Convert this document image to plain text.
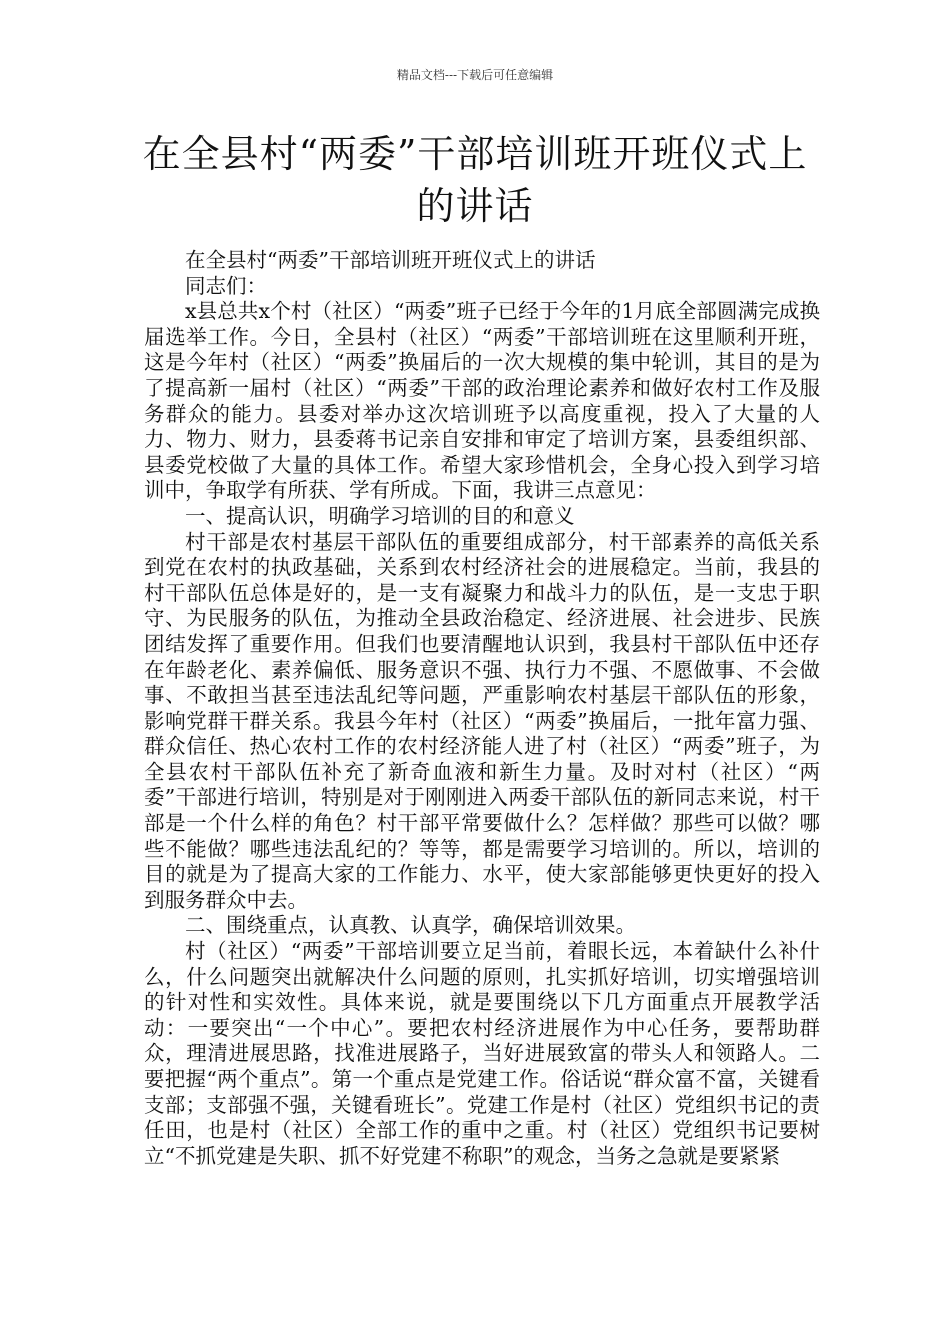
精品文档---下载后可任意编辑
在全县村“两委”干部培训班开班仪式上
的讲话

在全县村“两委”干部培训班开班仪式上的讲话

同志们：

x县总共x个村（社区）“两委”班子已经于今年的1月底全部圆满完成换届选举工作。今日，全县村（社区）“两委”干部培训班在这里顺利开班，这是今年村（社区）“两委”换届后的一次大规模的集中轮训，其目的是为了提高新一届村（社区）“两委”干部的政治理论素养和做好农村工作及服务群众的能力。县委对举办这次培训班予以高度重视，投入了大量的人力、物力、财力，县委蒋书记亲自安排和审定了培训方案，县委组织部、县委党校做了大量的具体工作。希望大家珍惜机会，全身心投入到学习培训中，争取学有所获、学有所成。下面，我讲三点意见：

一、提高认识，明确学习培训的目的和意义

村干部是农村基层干部队伍的重要组成部分，村干部素养的高低关系到党在农村的执政基础，关系到农村经济社会的进展稳定。当前，我县的村干部队伍总体是好的，是一支有凝聚力和战斗力的队伍，是一支忠于职守、为民服务的队伍，为推动全县政治稳定、经济进展、社会进步、民族团结发挥了重要作用。但我们也要清醒地认识到，我县村干部队伍中还存在年龄老化、素养偏低、服务意识不强、执行力不强、不愿做事、不会做事、不敢担当甚至违法乱纪等问题，严重影响农村基层干部队伍的形象，影响党群干群关系。我县今年村（社区）“两委”换届后，一批年富力强、群众信任、热心农村工作的农村经济能人进了村（社区）“两委”班子，为全县农村干部队伍补充了新奇血液和新生力量。及时对村（社区）“两委”干部进行培训，特别是对于刚刚进入两委干部队伍的新同志来说，村干部是一个什么样的角色？村干部平常要做什么？怎样做？那些可以做？哪些不能做？哪些违法乱纪的？等等，都是需要学习培训的。所以，培训的目的就是为了提高大家的工作能力、水平，使大家部能够更快更好的投入到服务群众中去。

二、围绕重点，认真教、认真学，确保培训效果。

村（社区）“两委”干部培训要立足当前，着眼长远，本着缺什么补什么，什么问题突出就解决什么问题的原则，扎实抓好培训，切实增强培训的针对性和实效性。具体来说，就是要围绕以下几方面重点开展教学活动：一要突出“一个中心”。要把农村经济进展作为中心任务，要帮助群众，理清进展思路，找准进展路子，当好进展致富的带头人和领路人。二要把握“两个重点”。第一个重点是党建工作。俗话说“群众富不富，关键看支部；支部强不强，关键看班长”。党建工作是村（社区）党组织书记的责任田，也是村（社区）全部工作的重中之重。村（社区）党组织书记要树立“不抓党建是失职、抓不好党建不称职”的观念，当务之急就是要紧紧
